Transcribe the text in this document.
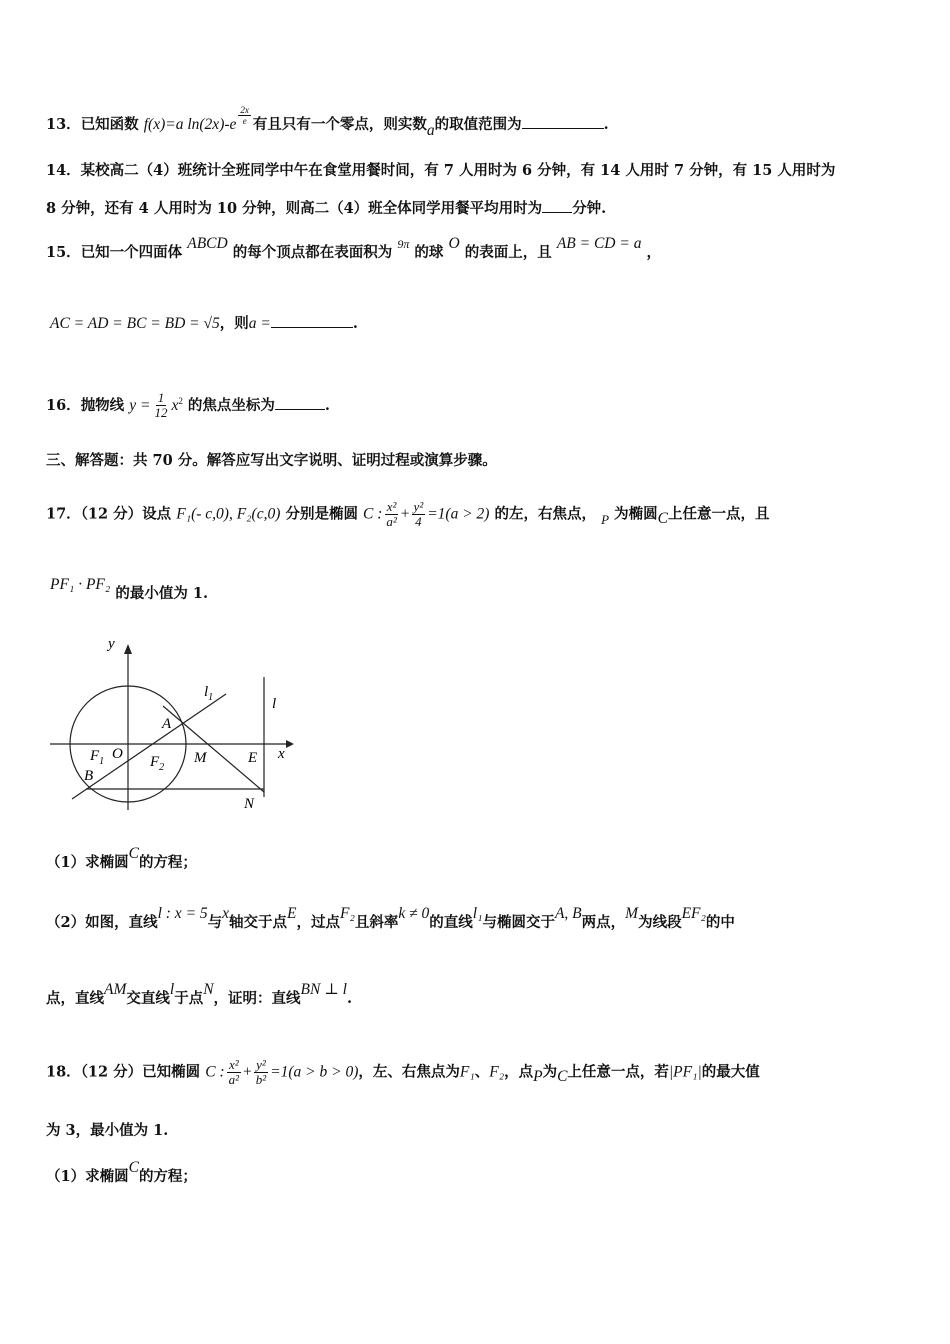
13．已知函数 f(x)=a $\ln(2x)-e \frac{2x}{e}$ 有且只有一个零点，则实数a的取值范围为	.
14．某校高二（4）班统计全班同学中午在食堂用餐时间，有 7 人用时为 6 分钟，有 14 人用时 7 分钟，有 15 人用时为
8 分钟，还有 4 人用时为 10 分钟，则高二（4）班全体同学用餐平均用时为 分钟.
15．已知一个四面体 ABCD 的每个顶点都在表面积为 $^{9\pi}$ 的球 O 的表面上，且 AB = CD = a ，
AC = AD = BC = BD = √5，则a =	.
16．抛物线 $y = \frac{1}{12} x^2$ 的焦点坐标为	.
三、解答题：共 70 分。解答应写出文字说明、证明过程或演算步骤。
17．（12 分）设点 F₁(- c,0), F₂(c,0) 分别是椭圆 C : $\frac{\text{x²}}{\text{a²}} + \frac{\text{y²}}{4} =1(a > 2)$ 的左，右焦点， P 为椭圆C上任意一点，且
PF₁ · PF₂ 的最小值为 1.
y
x
$l_1$	l
A
$F_1$ O $F_2$
M	E
B
N
（1）求椭圆C的方程；
（2）如图，直线l : x = 5与x轴交于点E，过点F₂且斜率k ≠ 0的直线l₁与椭圆交于A, B两点，M为线段EF₂的中
点，直线AM交直线l于点N，证明：直线BN ⊥ l.
18．（12 分）已知椭圆 C : $\frac{\text{x²}}{\text{a²}} + \frac{\text{y²}}{\text{b²}} =1(a > b > 0)$，左、右焦点为F₁、F₂，点P为C上任意一点，若|PF₁|的最大值
为 3，最小值为 1.
（1）求椭圆C的方程；
